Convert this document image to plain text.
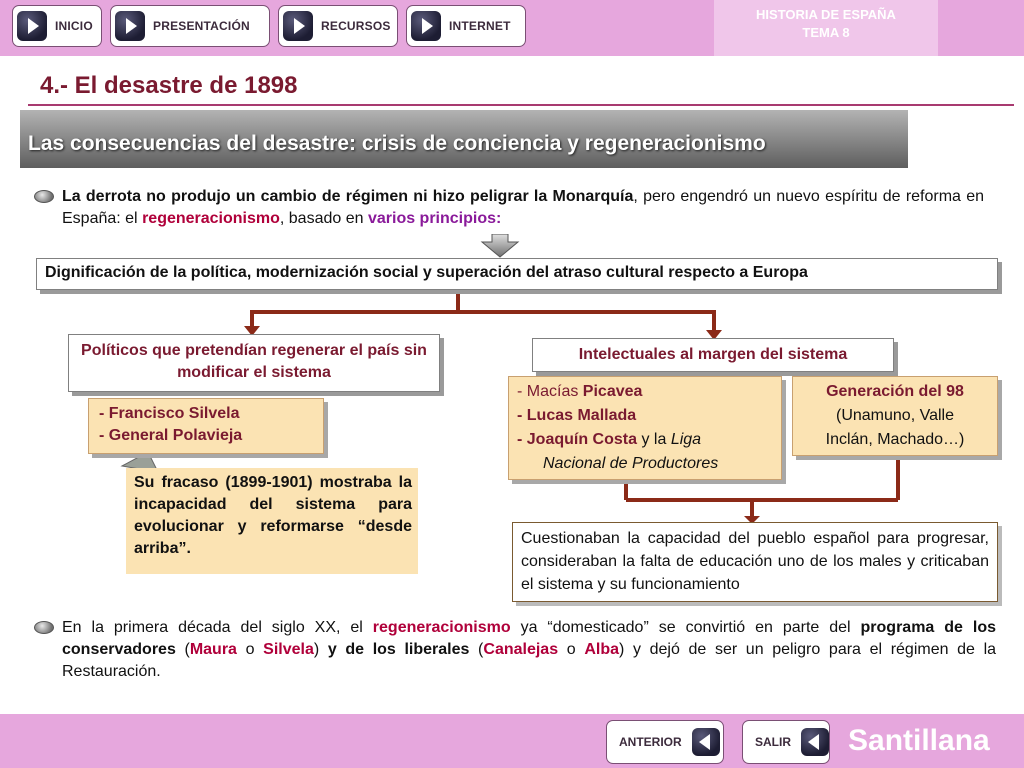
INICIO	PRESENTACIÓN	RECURSOS	INTERNET
HISTORIA DE ESPAÑA
TEMA 8
4.- El desastre de 1898
Las consecuencias del desastre: crisis de conciencia y regeneracionismo
La derrota no produjo un cambio de régimen ni hizo peligrar la Monarquía, pero engendró un nuevo espíritu de reforma en España: el regeneracionismo, basado en varios principios:
Dignificación de la política, modernización social y superación del atraso cultural respecto a Europa
Políticos que pretendían regenerar el país sin modificar el sistema
Intelectuales al margen del sistema
- Francisco Silvela
- General Polavieja
- Macías Picavea
- Lucas Mallada
- Joaquín Costa y la Liga
Nacional de Productores
Generación del 98
(Unamuno, Valle
Inclán, Machado…)
Su fracaso (1899-1901) mostraba la incapacidad del sistema para evolucionar y reformarse “desde arriba”.
Cuestionaban la capacidad del pueblo español para progresar, consideraban la falta de educación uno de los males y criticaban el sistema y su funcionamiento
En la primera década del siglo XX, el regeneracionismo ya “domesticado” se convirtió en parte del programa de los conservadores (Maura o Silvela) y de los liberales (Canalejas o Alba) y dejó de ser un peligro para el régimen de la Restauración.
ANTERIOR	SALIR Santillana
